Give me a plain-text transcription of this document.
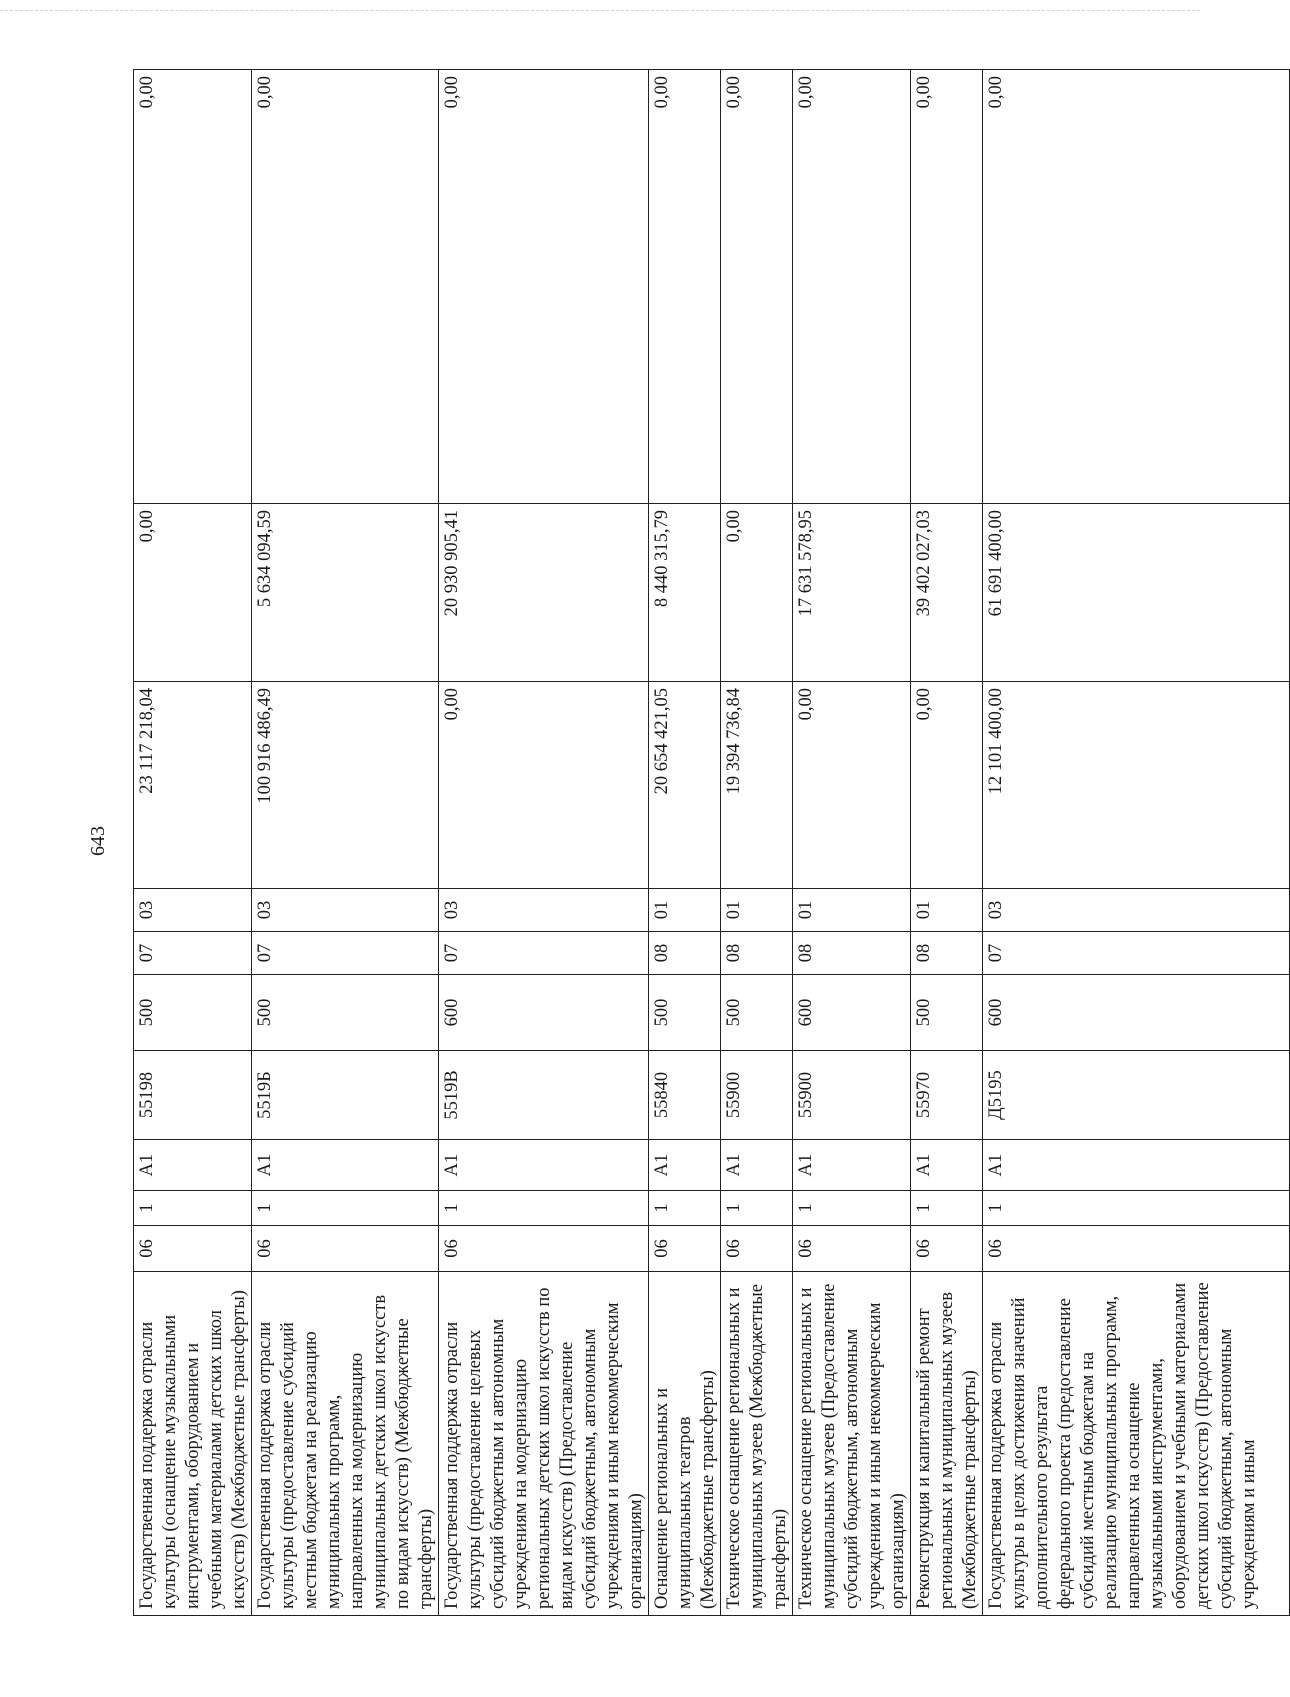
643
Государственная поддержка отрасли культуры (оснащение музыкальными инструментами, оборудованием и учебными материалами детских школ искусств) (Межбюджетные трансферты)	06	1	A1	55198	500	07	03	23 117 218,04	0,00	0,00
Государственная поддержка отрасли культуры (предоставление субсидий местным бюджетам на реализацию муниципальных программ, направленных на модернизацию муниципальных детских школ искусств по видам искусств) (Межбюджетные трансферты)	06	1	A1	5519Б	500	07	03	100 916 486,49	5 634 094,59	0,00
Государственная поддержка отрасли культуры (предоставление целевых субсидий бюджетным и автономным учреждениям на модернизацию региональных детских школ искусств по видам искусств) (Предоставление субсидий бюджетным, автономным учреждениям и иным некоммерческим организациям)	06	1	A1	5519В	600	07	03	0,00	20 930 905,41	0,00
Оснащение региональных и муниципальных театров (Межбюджетные трансферты)	06	1	A1	55840	500	08	01	20 654 421,05	8 440 315,79	0,00
Техническое оснащение региональных и муниципальных музеев (Межбюджетные трансферты)	06	1	A1	55900	500	08	01	19 394 736,84	0,00	0,00
Техническое оснащение региональных и муниципальных музеев (Предоставление субсидий бюджетным, автономным учреждениям и иным некоммерческим организациям)	06	1	A1	55900	600	08	01	0,00	17 631 578,95	0,00
Реконструкция и капитальный ремонт региональных и муниципальных музеев (Межбюджетные трансферты)	06	1	A1	55970	500	08	01	0,00	39 402 027,03	0,00
Государственная поддержка отрасли культуры в целях достижения значений дополнительного результата федерального проекта (предоставление субсидий местным бюджетам на реализацию муниципальных программ, направленных на оснащение музыкальными инструментами, оборудованием и учебными материалами детских школ искусств) (Предоставление субсидий бюджетным, автономным учреждениям и иным	06	1	A1	Д5195	600	07	03	12 101 400,00	61 691 400,00	0,00
